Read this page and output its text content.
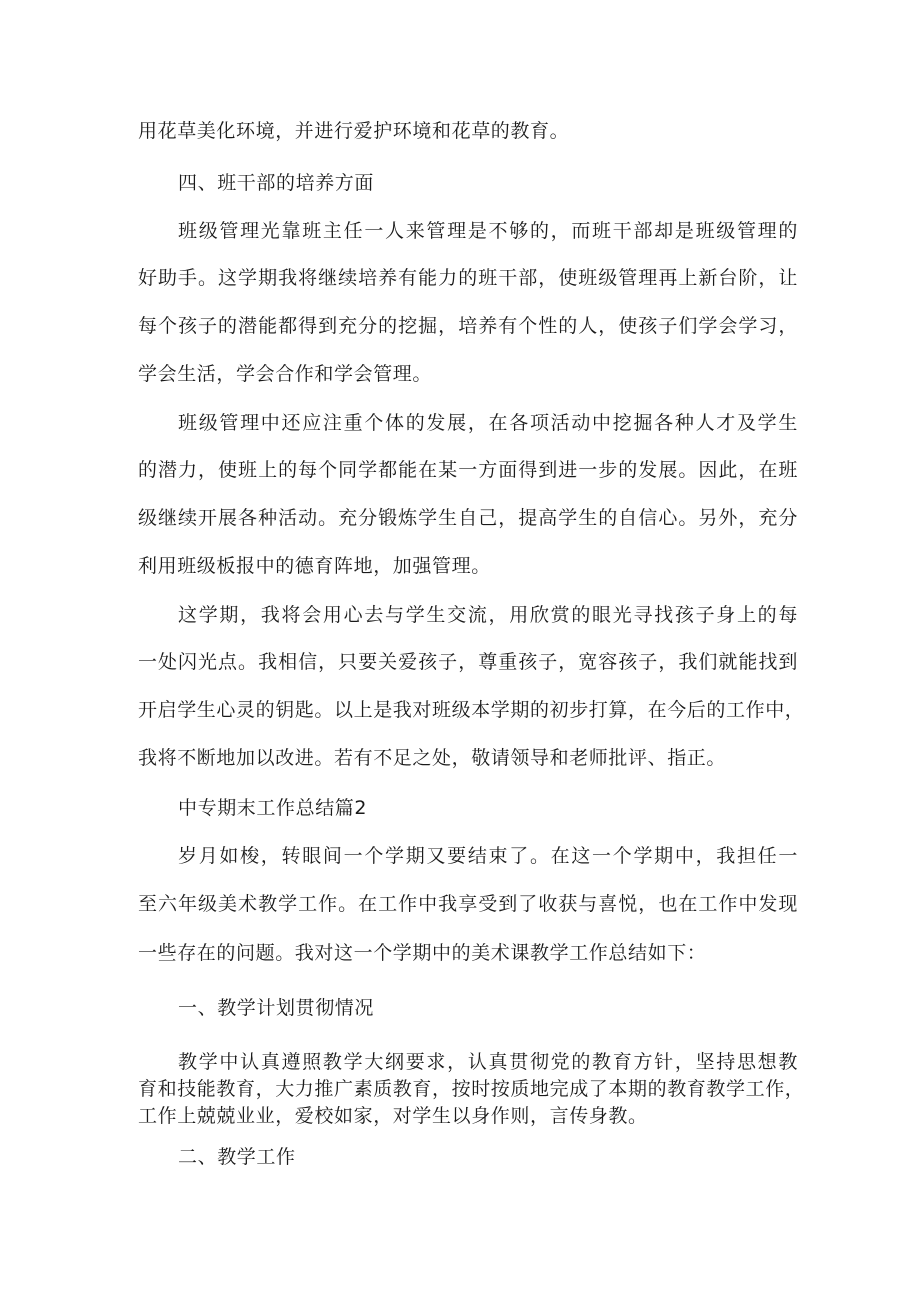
用花草美化环境，并进行爱护环境和花草的教育。
四、班干部的培养方面
班级管理光靠班主任一人来管理是不够的，而班干部却是班级管理的
好助手。这学期我将继续培养有能力的班干部，使班级管理再上新台阶，让
每个孩子的潜能都得到充分的挖掘，培养有个性的人，使孩子们学会学习，
学会生活，学会合作和学会管理。
班级管理中还应注重个体的发展，在各项活动中挖掘各种人才及学生
的潜力，使班上的每个同学都能在某一方面得到进一步的发展。因此，在班
级继续开展各种活动。充分锻炼学生自己，提高学生的自信心。另外，充分
利用班级板报中的德育阵地，加强管理。
这学期，我将会用心去与学生交流，用欣赏的眼光寻找孩子身上的每
一处闪光点。我相信，只要关爱孩子，尊重孩子，宽容孩子，我们就能找到
开启学生心灵的钥匙。以上是我对班级本学期的初步打算，在今后的工作中，
我将不断地加以改进。若有不足之处，敬请领导和老师批评、指正。
中专期末工作总结篇2
岁月如梭，转眼间一个学期又要结束了。在这一个学期中，我担任一
至六年级美术教学工作。在工作中我享受到了收获与喜悦，也在工作中发现
一些存在的问题。我对这一个学期中的美术课教学工作总结如下：
一、教学计划贯彻情况
教学中认真遵照教学大纲要求，认真贯彻党的教育方针，坚持思想教
育和技能教育，大力推广素质教育，按时按质地完成了本期的教育教学工作，
工作上兢兢业业，爱校如家，对学生以身作则，言传身教。
二、教学工作
